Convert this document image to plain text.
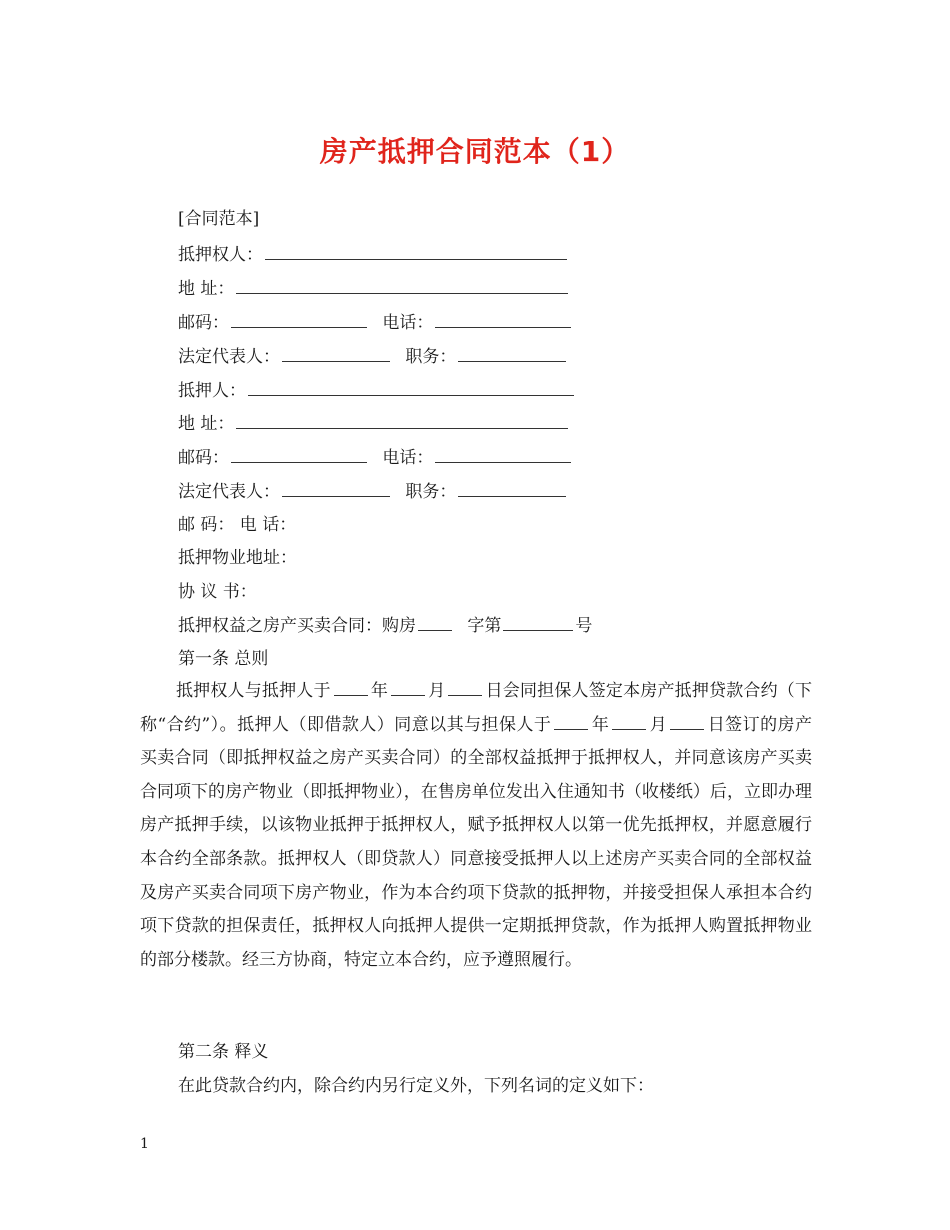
房产抵押合同范本（1）
[合同范本]
抵押权人：
地 址：
邮码：	电话：
法定代表人：	职务：
抵押人：
地 址：
邮码：	电话：
法定代表人：	职务：
邮 码： 电 话：
抵押物业地址：
协 议 书：
抵押权益之房产买卖合同：购房	字第	号
第一条 总则
抵押权人与抵押人于 年 月 日会同担保人签定本房产抵押贷款合约（下称“合约”）。抵押人（即借款人）同意以其与担保人于 年 月 日签订的房产买卖合同（即抵押权益之房产买卖合同）的全部权益抵押于抵押权人，并同意该房产买卖合同项下的房产物业（即抵押物业），在售房单位发出入住通知书（收楼纸）后，立即办理房产抵押手续，以该物业抵押于抵押权人，赋予抵押权人以第一优先抵押权，并愿意履行本合约全部条款。抵押权人（即贷款人）同意接受抵押人以上述房产买卖合同的全部权益及房产买卖合同项下房产物业，作为本合约项下贷款的抵押物，并接受担保人承担本合约项下贷款的担保责任，抵押权人向抵押人提供一定期抵押贷款，作为抵押人购置抵押物业的部分楼款。经三方协商，特定立本合约，应予遵照履行。
第二条 释义
在此贷款合约内，除合约内另行定义外，下列名词的定义如下：
1
